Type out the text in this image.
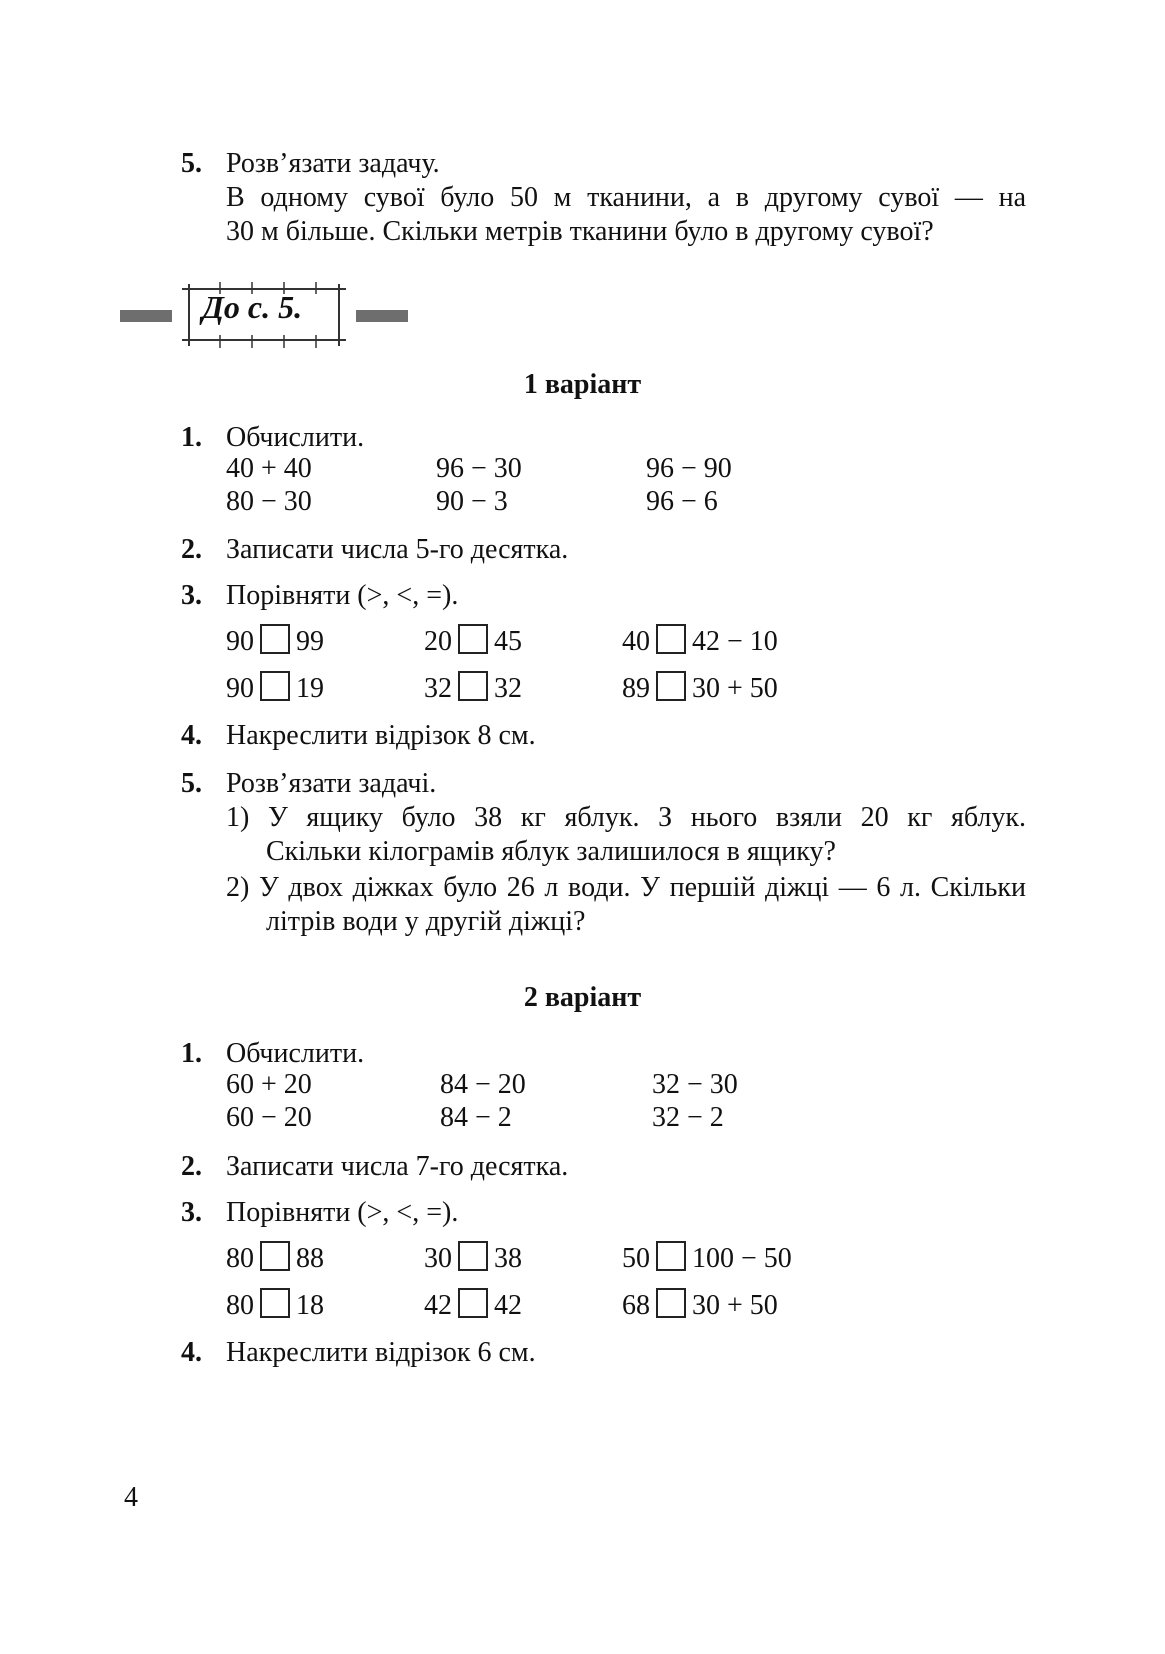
5. Розв’язати задачу.
В одному сувої було 50 м тканини, а в другому сувої — на
30 м більше. Скільки метрів тканини було в другому сувої?
До с. 5.
1 варіант
1. Обчислити.
40 + 40	96 − 30	96 − 90
80 − 30	90 − 3	96 − 6
2. Записати числа 5-го десятка.
3. Порівняти (>, <, =).
90 99	20 45	40 42 − 10
90 19	32 32	89 30 + 50
4. Накреслити відрізок 8 см.
5. Розв’язати задачі.
1) У ящику було 38 кг яблук. З нього взяли 20 кг яблук.
Скільки кілограмів яблук залишилося в ящику?
2) У двох діжках було 26 л води. У першій діжці — 6 л. Скільки
літрів води у другій діжці?
2 варіант
1. Обчислити.
60 + 20	84 − 20	32 − 30
60 − 20	84 − 2	32 − 2
2. Записати числа 7-го десятка.
3. Порівняти (>, <, =).
80 88	30 38	50 100 − 50
80 18	42 42	68 30 + 50
4. Накреслити відрізок 6 см.
4
